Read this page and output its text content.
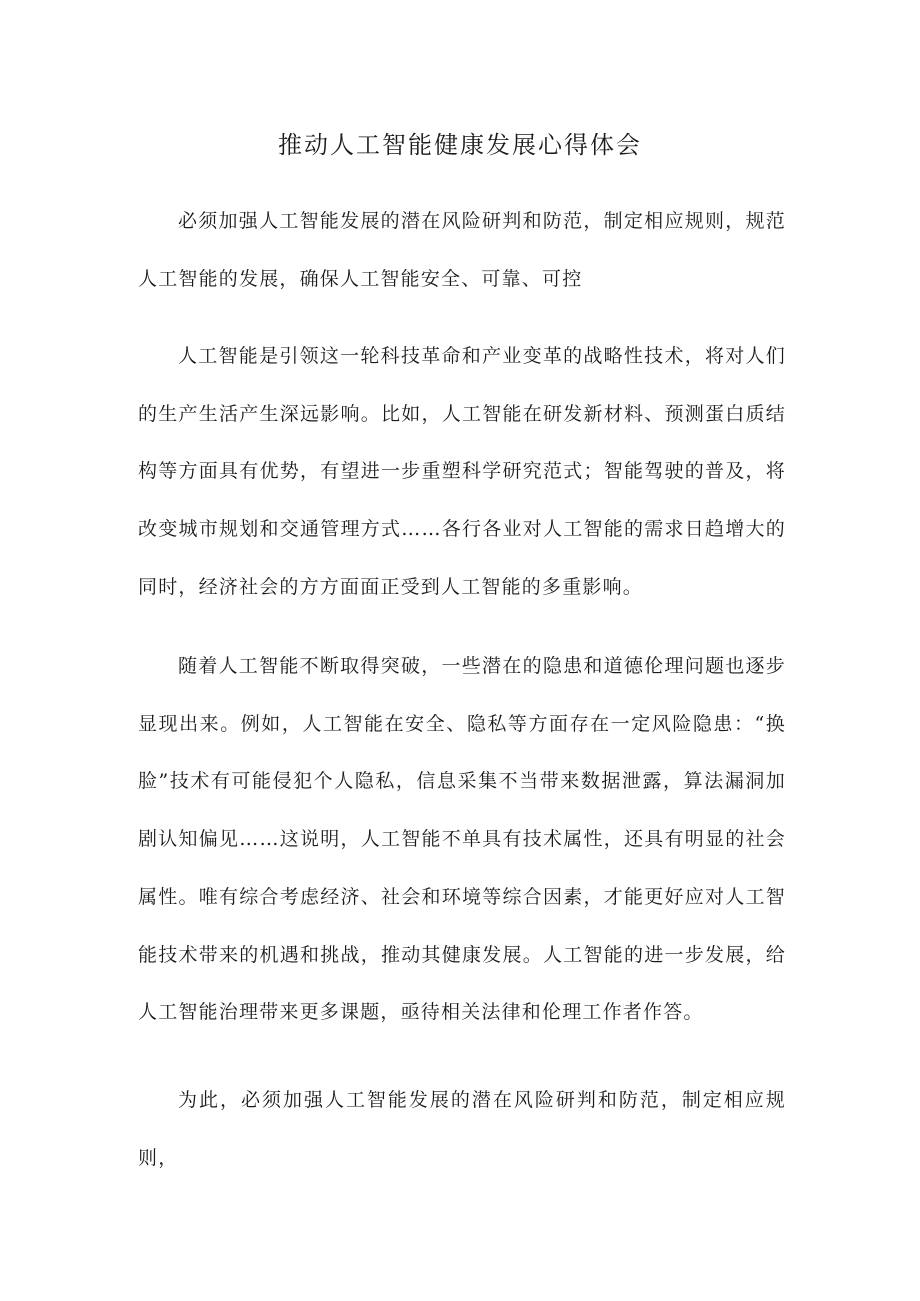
推动人工智能健康发展心得体会

必须加强人工智能发展的潜在风险研判和防范，制定相应规则，规范人工智能的发展，确保人工智能安全、可靠、可控

人工智能是引领这一轮科技革命和产业变革的战略性技术，将对人们的生产生活产生深远影响。比如，人工智能在研发新材料、预测蛋白质结构等方面具有优势，有望进一步重塑科学研究范式；智能驾驶的普及，将改变城市规划和交通管理方式……各行各业对人工智能的需求日趋增大的同时，经济社会的方方面面正受到人工智能的多重影响。

随着人工智能不断取得突破，一些潜在的隐患和道德伦理问题也逐步显现出来。例如，人工智能在安全、隐私等方面存在一定风险隐患：“换脸”技术有可能侵犯个人隐私，信息采集不当带来数据泄露，算法漏洞加剧认知偏见……这说明，人工智能不单具有技术属性，还具有明显的社会属性。唯有综合考虑经济、社会和环境等综合因素，才能更好应对人工智能技术带来的机遇和挑战，推动其健康发展。人工智能的进一步发展，给人工智能治理带来更多课题，亟待相关法律和伦理工作者作答。

为此，必须加强人工智能发展的潜在风险研判和防范，制定相应规则，
